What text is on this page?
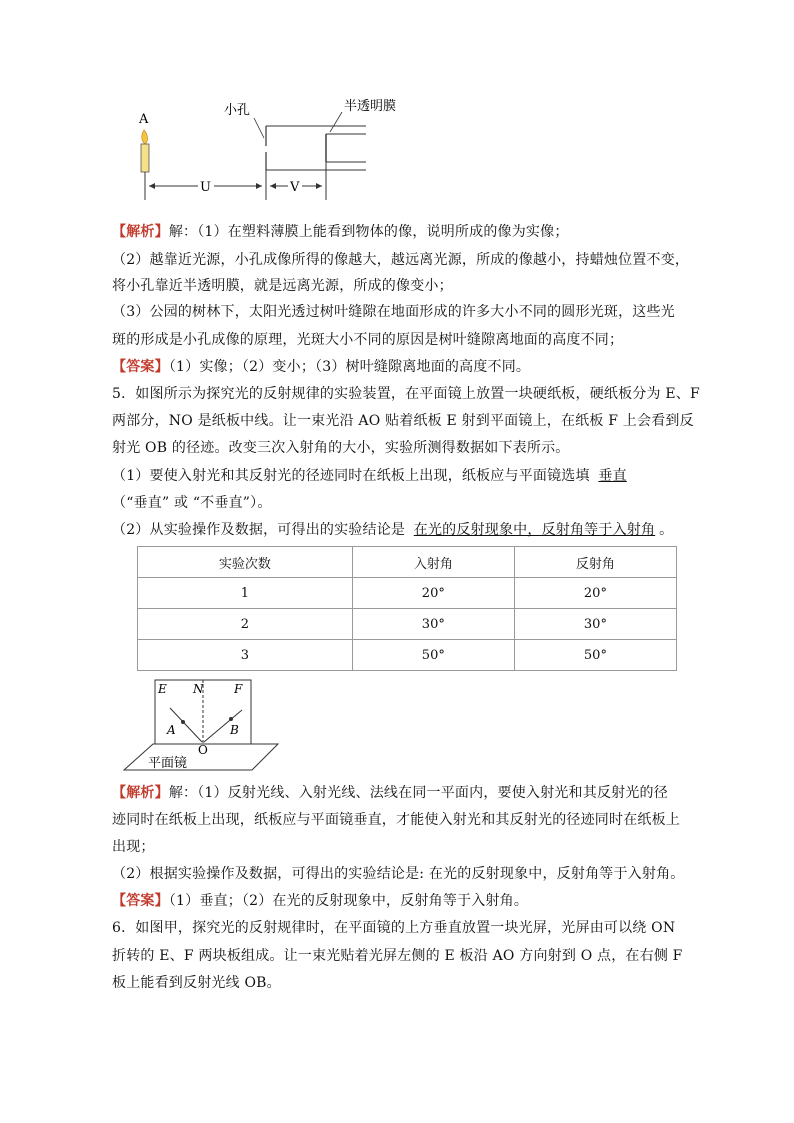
A
小孔	半透明膜
U	V
【解析】解：（1）在塑料薄膜上能看到物体的像，说明所成的像为实像；
（2）越靠近光源，小孔成像所得的像越大，越远离光源，所成的像越小，持蜡烛位置不变，
将小孔靠近半透明膜，就是远离光源，所成的像变小；
（3）公园的树林下，太阳光透过树叶缝隙在地面形成的许多大小不同的圆形光斑，这些光
斑的形成是小孔成像的原理，光斑大小不同的原因是树叶缝隙离地面的高度不同；
【答案】（1）实像；（2）变小；（3）树叶缝隙离地面的高度不同。
5．如图所示为探究光的反射规律的实验装置，在平面镜上放置一块硬纸板，硬纸板分为 E、F
两部分，NO 是纸板中线。让一束光沿 AO 贴着纸板 E 射到平面镜上，在纸板 F 上会看到反
射光 OB 的径迹。改变三次入射角的大小，实验所测得数据如下表所示。
（1）要使入射光和其反射光的径迹同时在纸板上出现，纸板应与平面镜选填 垂直
（“垂直” 或 “不垂直”）。
（2）从实验操作及数据，可得出的实验结论是 在光的反射现象中，反射角等于入射角 。
实验次数	入射角	反射角
1	20°	20°
2	30°	30°
3	50°	50°
E N	F
A	B
O
平面镜
【解析】解：（1）反射光线、入射光线、法线在同一平面内，要使入射光和其反射光的径
迹同时在纸板上出现，纸板应与平面镜垂直，才能使入射光和其反射光的径迹同时在纸板上
出现；
（2）根据实验操作及数据，可得出的实验结论是: 在光的反射现象中，反射角等于入射角。
【答案】（1）垂直；（2）在光的反射现象中，反射角等于入射角。
6．如图甲，探究光的反射规律时，在平面镜的上方垂直放置一块光屏，光屏由可以绕 ON
折转的 E、F 两块板组成。让一束光贴着光屏左侧的 E 板沿 AO 方向射到 O 点，在右侧 F
板上能看到反射光线 OB。
